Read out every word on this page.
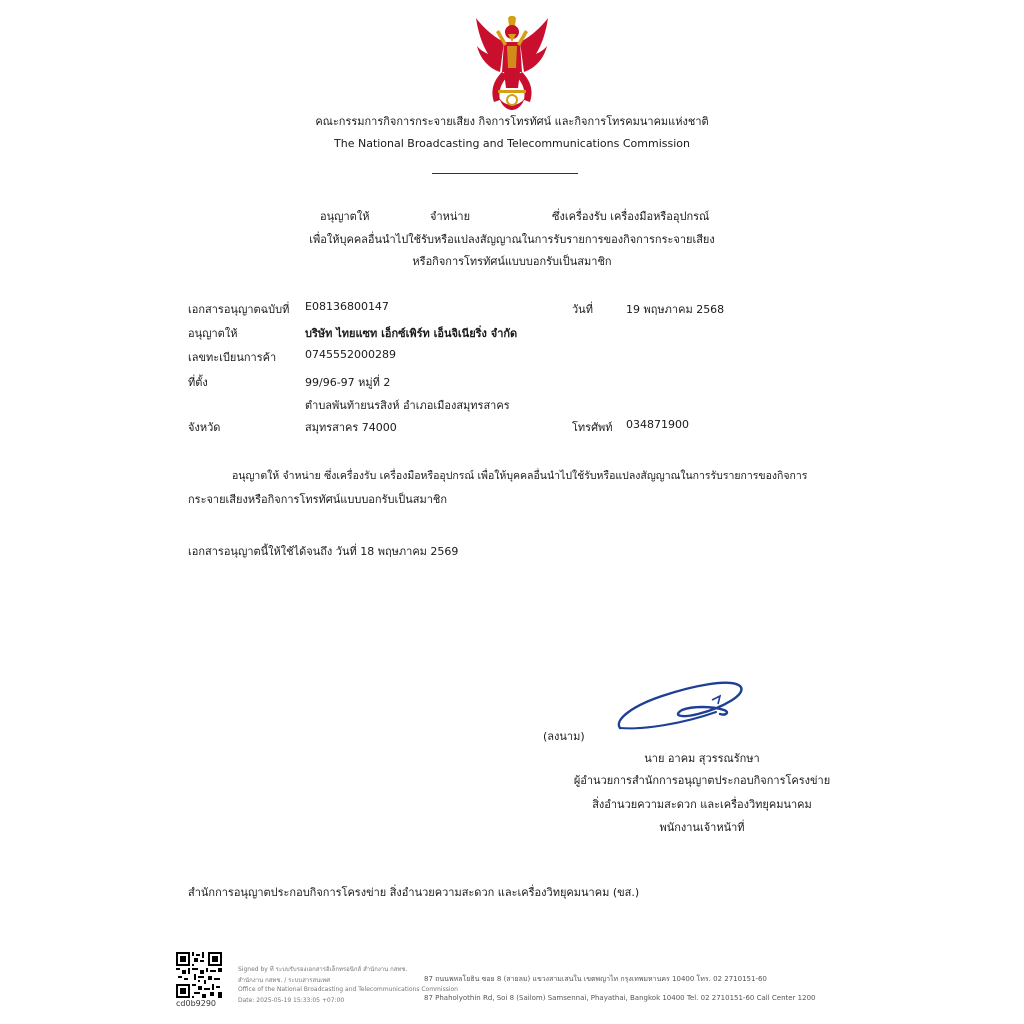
คณะกรรมการกิจการกระจายเสียง กิจการโทรทัศน์ และกิจการโทรคมนาคมแห่งชาติ
The National Broadcasting and Telecommunications Commission
อนุญาตให้	จำหน่าย	ซึ่งเครื่องรับ เครื่องมือหรืออุปกรณ์
เพื่อให้บุคคลอื่นนำไปใช้รับหรือแปลงสัญญาณในการรับรายการของกิจการกระจายเสียง
หรือกิจการโทรทัศน์แบบบอกรับเป็นสมาชิก
เอกสารอนุญาตฉบับที่ E08136800147	วันที่	19 พฤษภาคม 2568
อนุญาตให้	บริษัท ไทยแซท เอ็กซ์เพิร์ท เอ็นจิเนียริ่ง จำกัด
เลขทะเบียนการค้า	0745552000289
ที่ตั้ง	99/96-97 หมู่ที่ 2
ตำบลพันท้ายนรสิงห์ อำเภอเมืองสมุทรสาคร
จังหวัด	สมุทรสาคร 74000	โทรศัพท์ 034871900
อนุญาตให้ จำหน่าย ซึ่งเครื่องรับ เครื่องมือหรืออุปกรณ์ เพื่อให้บุคคลอื่นนำไปใช้รับหรือแปลงสัญญาณในการรับรายการของกิจการ
กระจายเสียงหรือกิจการโทรทัศน์แบบบอกรับเป็นสมาชิก
เอกสารอนุญาตนี้ให้ใช้ได้จนถึง วันที่ 18 พฤษภาคม 2569
(ลงนาม)
นาย อาคม สุวรรณรักษา
ผู้อำนวยการสำนักการอนุญาตประกอบกิจการโครงข่าย
สิ่งอำนวยความสะดวก และเครื่องวิทยุคมนาคม
พนักงานเจ้าหน้าที่
สำนักการอนุญาตประกอบกิจการโครงข่าย สิ่งอำนวยความสะดวก และเครื่องวิทยุคมนาคม (ขส.)
cd0b9290
Signed by ที ระบบรับรองเอกสารอิเล็กทรอนิกส์ สำนักงาน กสทช.
สำนักงาน กสทช. / ระบบสารสนเทศ
Office of the National Broadcasting and Telecommunications Commission
Date: 2025-05-19 15:33:05 +07:00
87 ถนนพหลโยธิน ซอย 8 (สายลม) แขวงสามเสนใน เขตพญาไท กรุงเทพมหานคร 10400 โทร. 02 2710151-60
87 Phaholyothin Rd, Soi 8 (Sailom) Samsennai, Phayathai, Bangkok 10400 Tel. 02 2710151-60 Call Center 1200
